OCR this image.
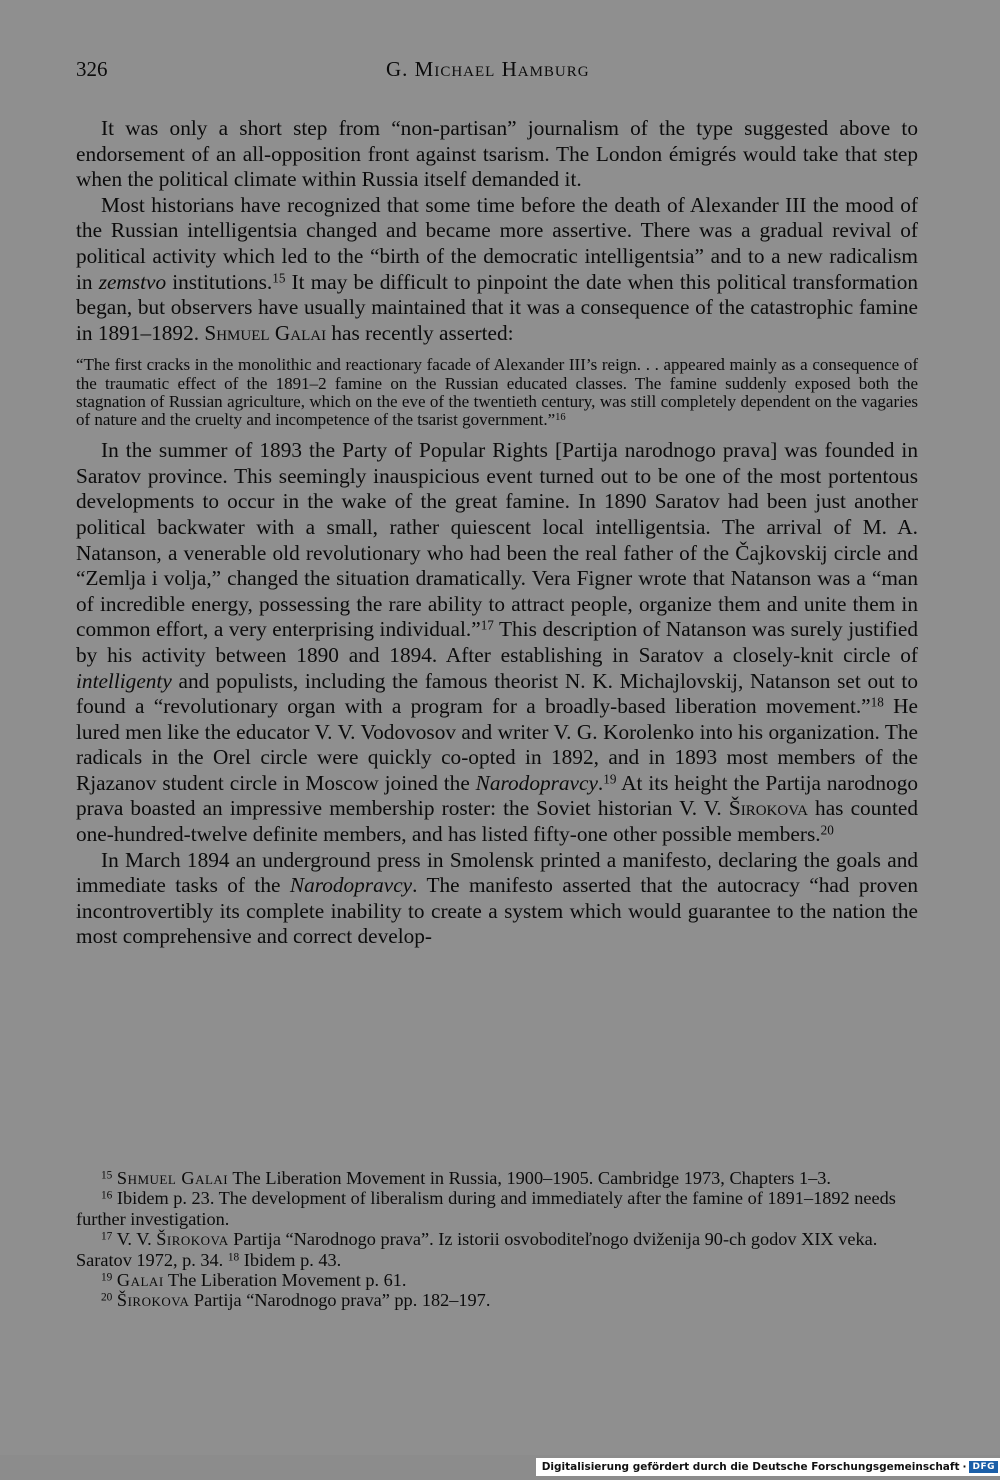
326	G. Michael Hamburg

It was only a short step from “non-partisan” journalism of the type suggested above to endorsement of an all-opposition front against tsarism. The London émigrés would take that step when the political climate within Russia itself demanded it.

Most historians have recognized that some time before the death of Alexander III the mood of the Russian intelligentsia changed and became more assertive. There was a gradual revival of political activity which led to the “birth of the democratic intelligentsia” and to a new radicalism in zemstvo institutions.$^{15}$ It may be difficult to pinpoint the date when this political transformation began, but observers have usually maintained that it was a consequence of the catastrophic famine in 1891–1892. Shmuel Galai has recently asserted:

“The first cracks in the monolithic and reactionary facade of Alexander III’s reign. . . appeared mainly as a consequence of the traumatic effect of the 1891–2 famine on the Russian educated classes. The famine suddenly exposed both the stagnation of Russian agriculture, which on the eve of the twentieth century, was still completely dependent on the vagaries of nature and the cruelty and incompetence of the tsarist government.”$^{16}$

In the summer of 1893 the Party of Popular Rights [Partija narodnogo prava] was founded in Saratov province. This seemingly inauspicious event turned out to be one of the most portentous developments to occur in the wake of the great famine. In 1890 Saratov had been just another political backwater with a small, rather quiescent local intelligentsia. The arrival of M. A. Natanson, a venerable old revolutionary who had been the real father of the Čajkovskij circle and “Zemlja i volja,” changed the situation dramatically. Vera Figner wrote that Natanson was a “man of incredible energy, possessing the rare ability to attract people, organize them and unite them in common effort, a very enterprising individual.”$^{17}$ This description of Natanson was surely justified by his activity between 1890 and 1894. After establishing in Saratov a closely-knit circle of intelligenty and populists, including the famous theorist N. K. Michajlovskij, Natanson set out to found a “revolutionary organ with a program for a broadly-based liberation movement.”$^{18}$ He lured men like the educator V. V. Vodovosov and writer V. G. Korolenko into his organization. The radicals in the Orel circle were quickly co-opted in 1892, and in 1893 most members of the Rjazanov student circle in Moscow joined the Narodopravcy.$^{19}$ At its height the Partija narodnogo prava boasted an impressive membership roster: the Soviet historian V. V. Širokova has counted one-hundred-twelve definite members, and has listed fifty-one other possible members.$^{20}$

In March 1894 an underground press in Smolensk printed a manifesto, declaring the goals and immediate tasks of the Narodopravcy. The manifesto asserted that the autocracy “had proven incontrovertibly its complete inability to create a system which would guarantee to the nation the most comprehensive and correct develop-

$^{15}$ Shmuel Galai The Liberation Movement in Russia, 1900–1905. Cambridge 1973, Chapters 1–3.

$^{16}$ Ibidem p. 23. The development of liberalism during and immediately after the famine of 1891–1892 needs further investigation.

$^{17}$ V. V. Širokova Partija “Narodnogo prava”. Iz istorii osvoboditeľnogo dviženija 90-ch godov XIX veka. Saratov 1972, p. 34. $^{18}$ Ibidem p. 43.

$^{19}$ Galai The Liberation Movement p. 61.

$^{20}$ Širokova Partija “Narodnogo prava” pp. 182–197.

Digitalisierung gefördert durch die Deutsche Forschungsgemeinschaft · DFG
